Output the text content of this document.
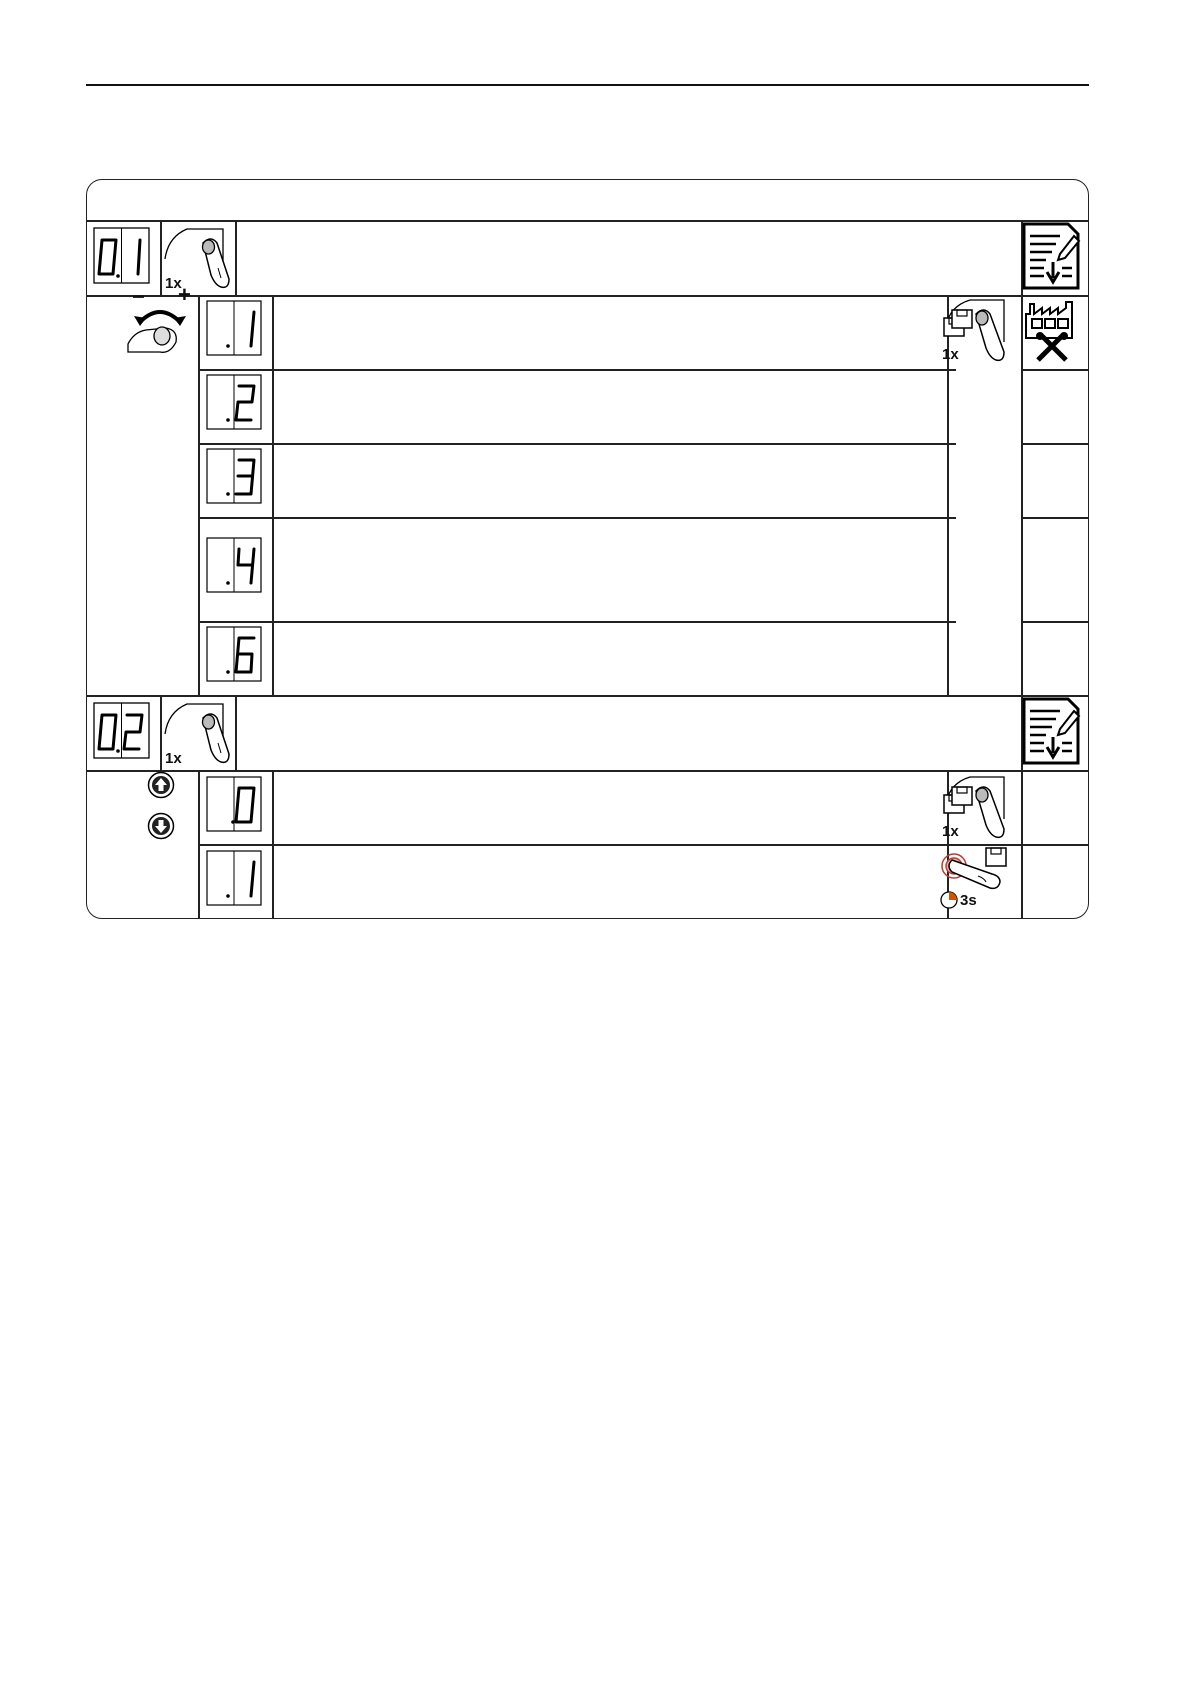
1x
− +
1x
1x
1x
3s
